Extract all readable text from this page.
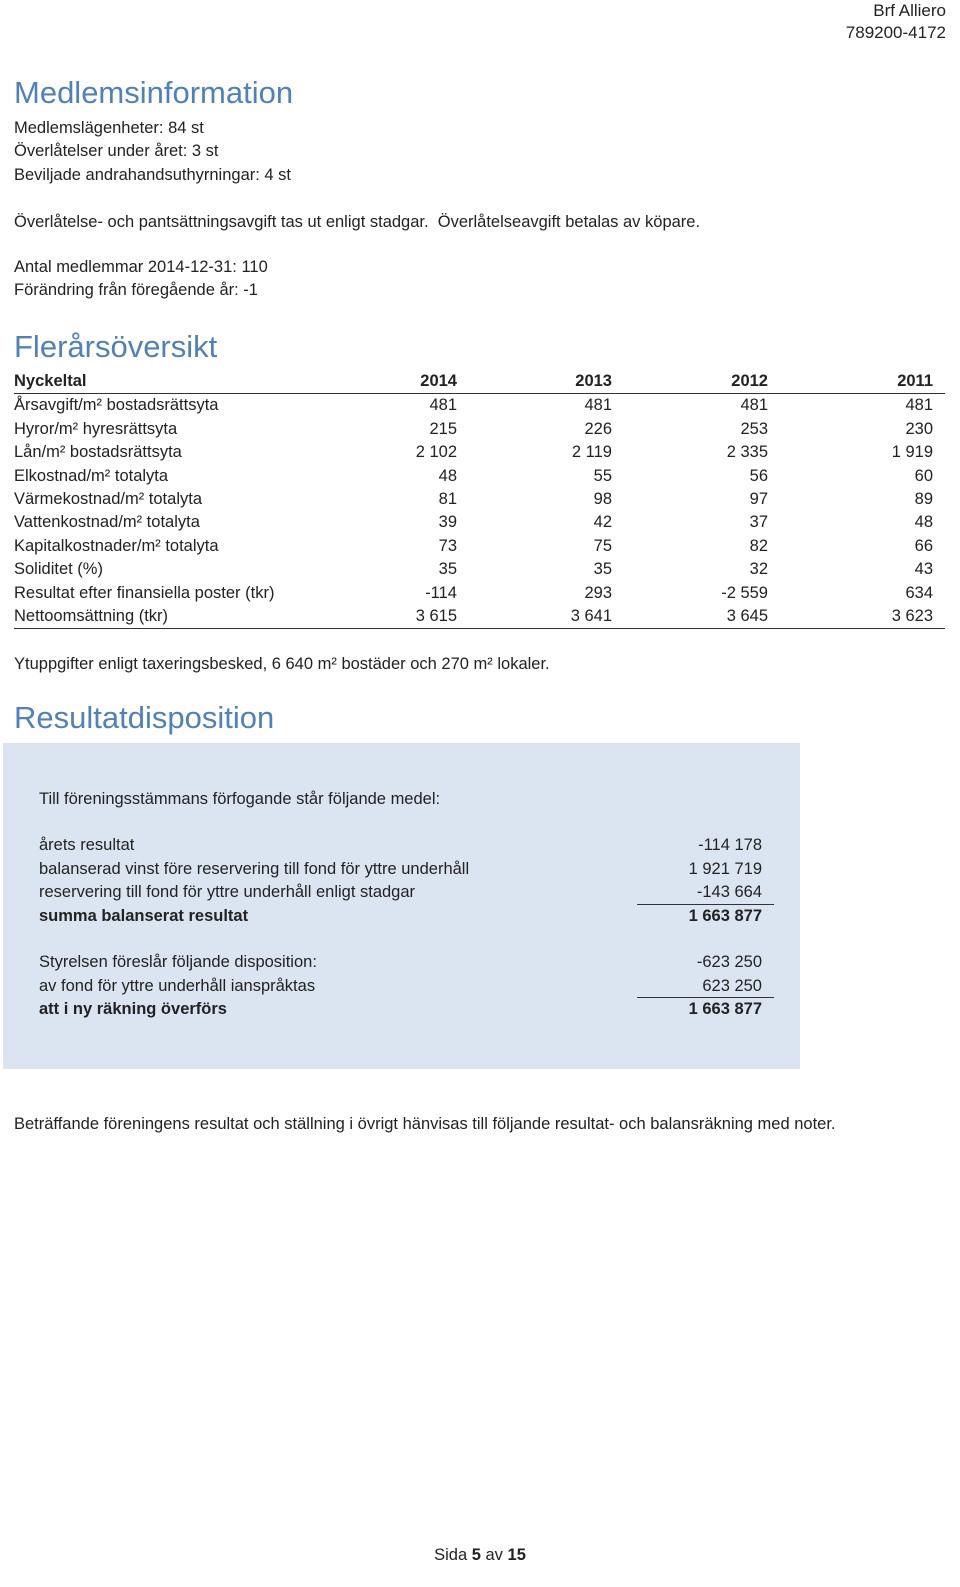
Brf Alliero
789200-4172
Medlemsinformation
Medlemslägenheter: 84 st
Överlåtelser under året: 3 st
Beviljade andrahandsuthyrningar: 4 st
Överlåtelse- och pantsättningsavgift tas ut enligt stadgar.  Överlåtelseavgift betalas av köpare.
Antal medlemmar 2014-12-31: 110
Förändring från föregående år: -1
Flerårsöversikt
Nyckeltal	2014	2013	2012	2011
Årsavgift/m² bostadsrättsyta	481	481	481	481
Hyror/m² hyresrättsyta	215	226	253	230
Lån/m² bostadsrättsyta	2 102	2 119	2 335	1 919
Elkostnad/m² totalyta	48	55	56	60
Värmekostnad/m² totalyta	81	98	97	89
Vattenkostnad/m² totalyta	39	42	37	48
Kapitalkostnader/m² totalyta	73	75	82	66
Soliditet (%)	35	35	32	43
Resultat efter finansiella poster (tkr)	-114	293	-2 559	634
Nettoomsättning (tkr)	3 615	3 641	3 645	3 623
Ytuppgifter enligt taxeringsbesked, 6 640 m² bostäder och 270 m² lokaler.
Resultatdisposition
Till föreningsstämmans förfogande står följande medel:
årets resultat	-114 178
balanserad vinst före reservering till fond för yttre underhåll	1 921 719
reservering till fond för yttre underhåll enligt stadgar	-143 664
summa balanserat resultat	1 663 877
Styrelsen föreslår följande disposition:	-623 250
av fond för yttre underhåll ianspråktas	623 250
att i ny räkning överförs	1 663 877
Beträffande föreningens resultat och ställning i övrigt hänvisas till följande resultat- och balansräkning med noter.
Sida 5 av 15
